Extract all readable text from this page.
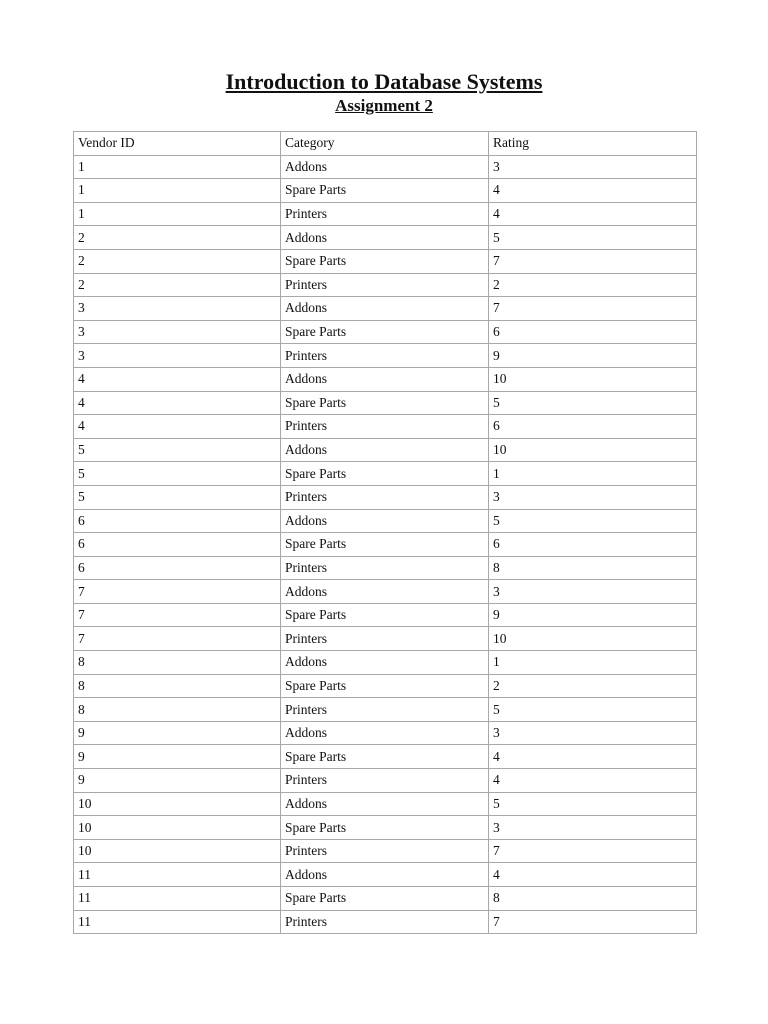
Introduction to Database Systems
Assignment 2
Vendor ID	Category	Rating
1	Addons	3
1	Spare Parts	4
1	Printers	4
2	Addons	5
2	Spare Parts	7
2	Printers	2
3	Addons	7
3	Spare Parts	6
3	Printers	9
4	Addons	10
4	Spare Parts	5
4	Printers	6
5	Addons	10
5	Spare Parts	1
5	Printers	3
6	Addons	5
6	Spare Parts	6
6	Printers	8
7	Addons	3
7	Spare Parts	9
7	Printers	10
8	Addons	1
8	Spare Parts	2
8	Printers	5
9	Addons	3
9	Spare Parts	4
9	Printers	4
10	Addons	5
10	Spare Parts	3
10	Printers	7
11	Addons	4
11	Spare Parts	8
11	Printers	7
